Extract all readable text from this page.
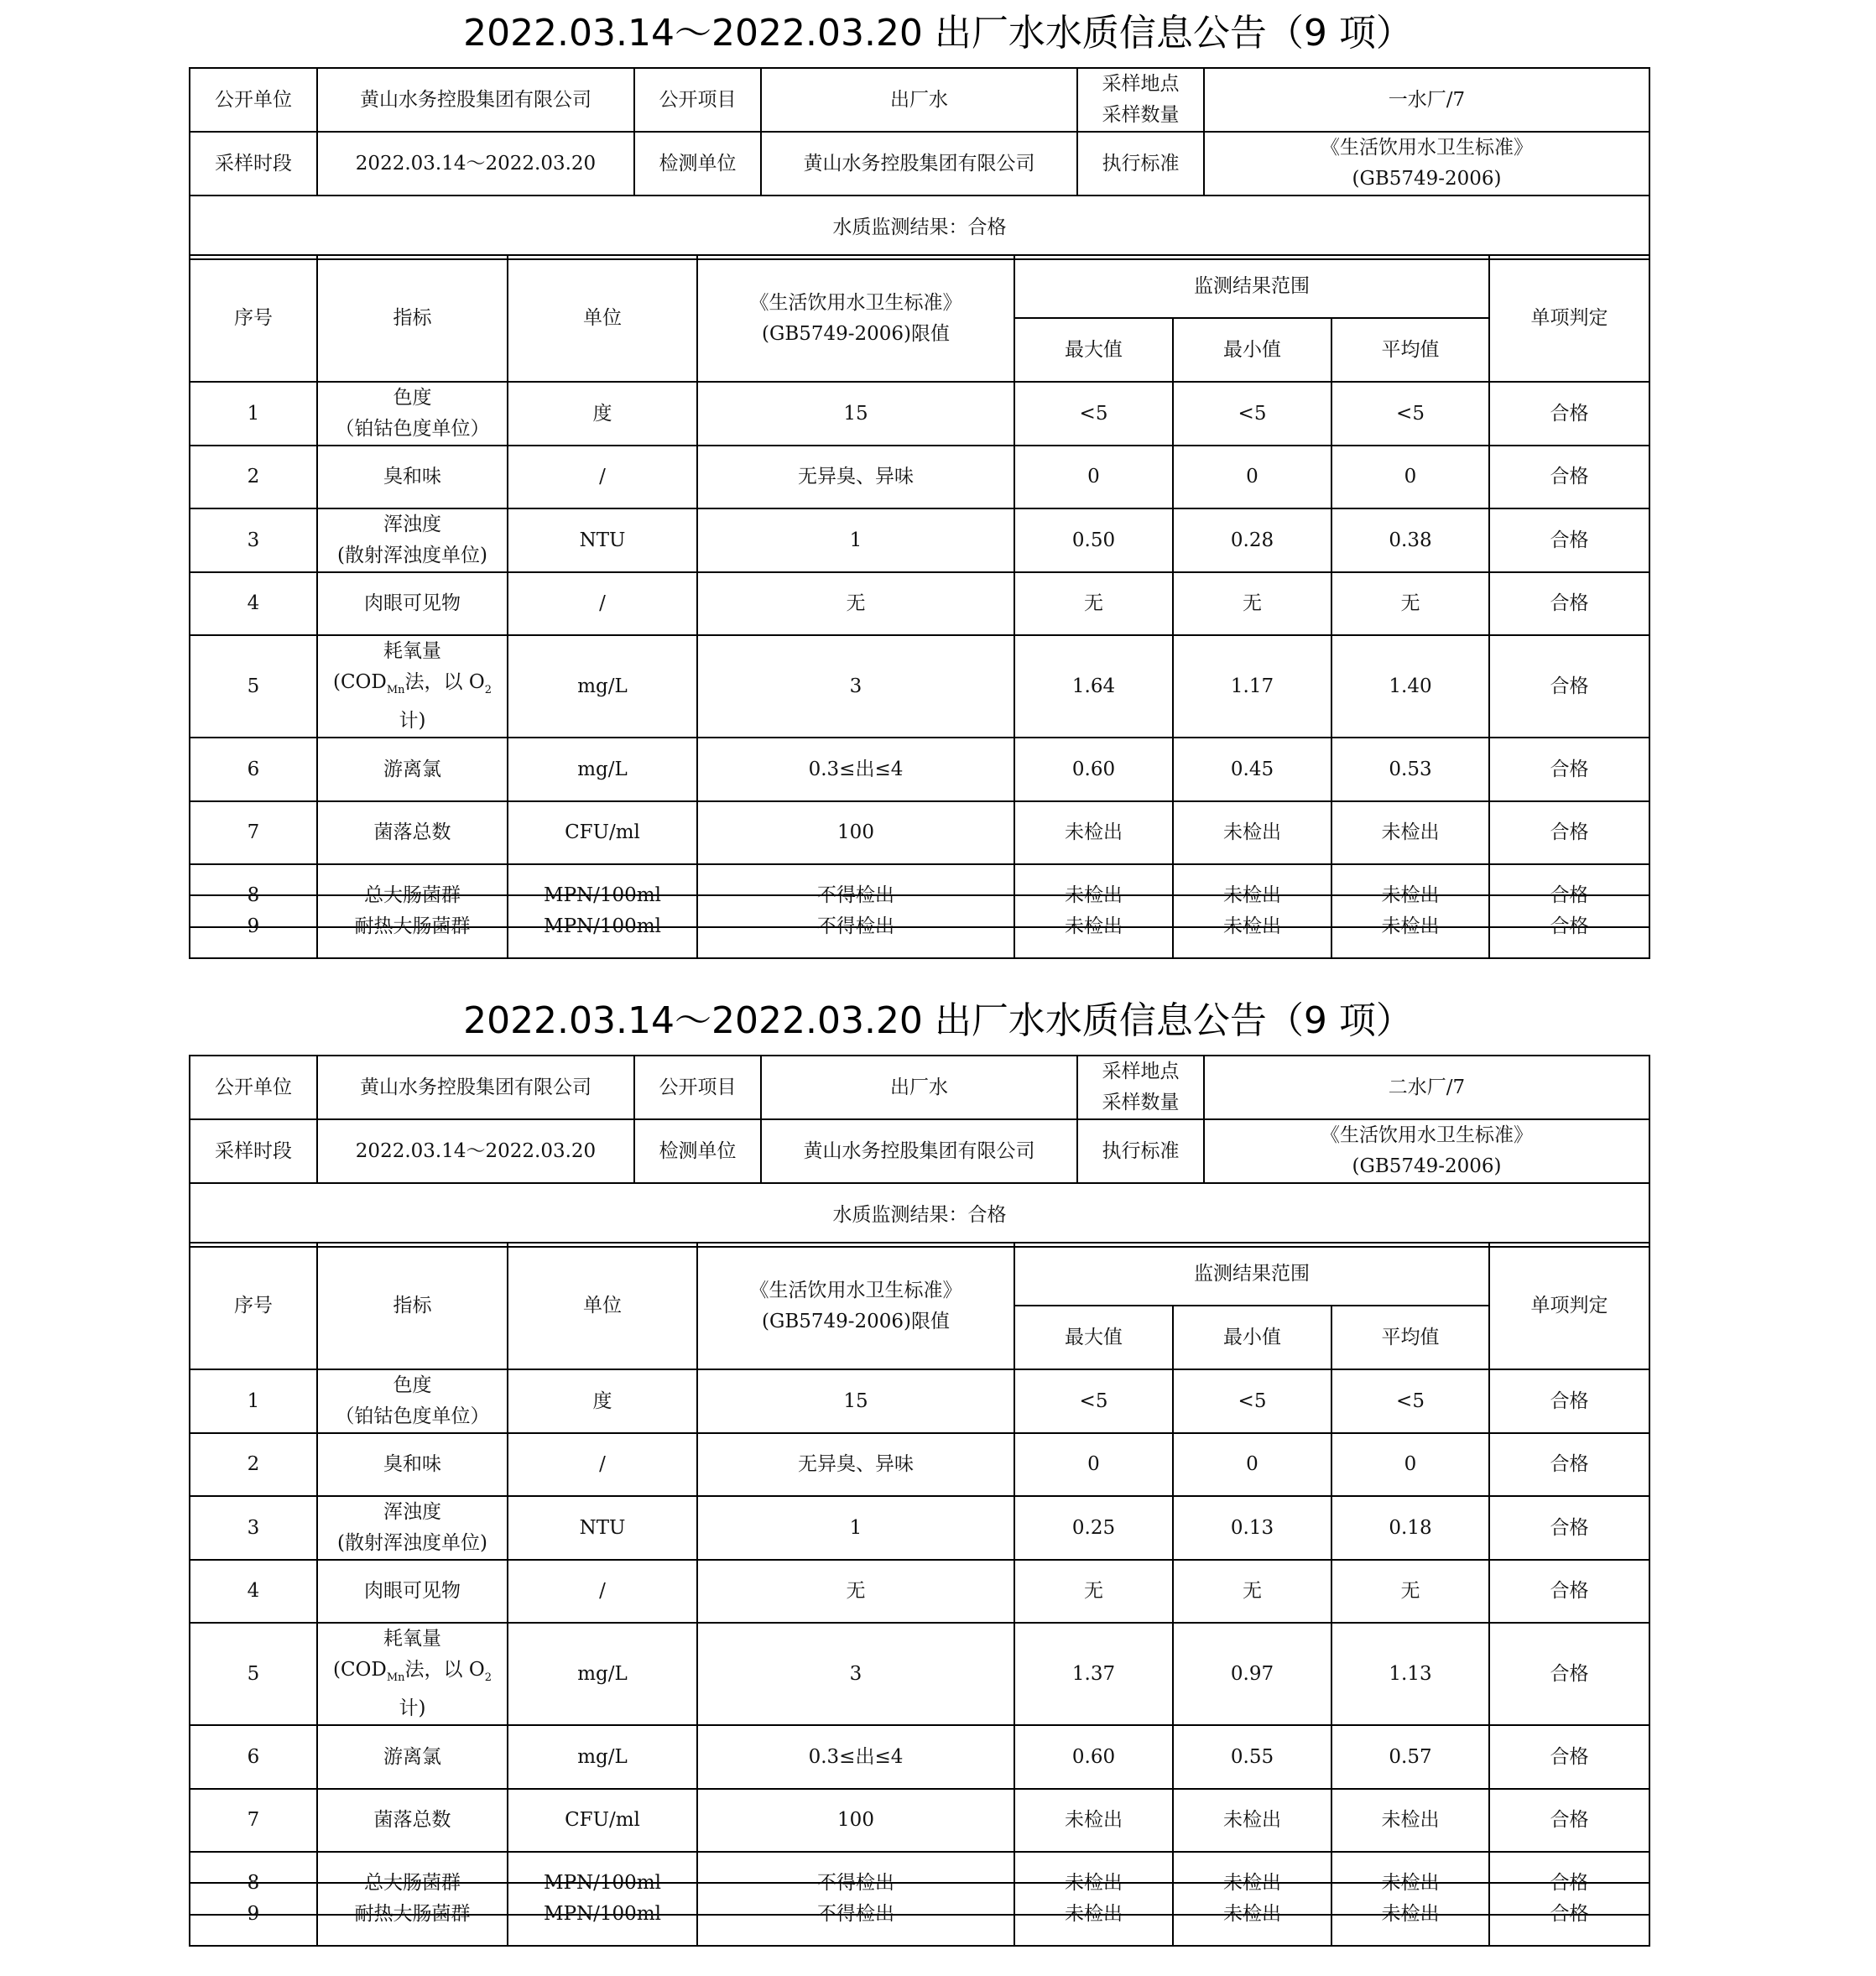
2022.03.14～2022.03.20 出厂水水质信息公告（9 项）
公开单位	黄山水务控股集团有限公司	公开项目	出厂水	采样地点
采样数量	一水厂/7
采样时段	2022.03.14～2022.03.20	检测单位	黄山水务控股集团有限公司	执行标准	《生活饮用水卫生标准》
(GB5749-2006)

水质监测结果：合格					
序号	指标	单位	《生活饮用水卫生标准》
(GB5749-2006)限值	监测结果范围			单项判定
				最大值	最小值	平均值	
1	色度
（铂钴色度单位）	度	15	<5	<5	<5	合格
2	臭和味	/	无异臭、异味	0	0	0	合格
3	浑浊度
(散射浑浊度单位)	NTU	1	0.50	0.28	0.38	合格
4	肉眼可见物	/	无	无	无	无	合格
5	耗氧量
($COD_{Mn}$法，以 $O_2$ 计)	mg/L	3	1.64	1.17	1.40	合格
6	游离氯	mg/L	0.3≤出≤4	0.60	0.45	0.53	合格
7	菌落总数	CFU/ml	100	未检出	未检出	未检出	合格
8	总大肠菌群	MPN/100ml	不得检出	未检出	未检出	未检出	合格
9	耐热大肠菌群	MPN/100ml	不得检出	未检出	未检出	未检出	合格
2022.03.14～2022.03.20 出厂水水质信息公告（9 项）
公开单位	黄山水务控股集团有限公司	公开项目	出厂水	采样地点
采样数量	二水厂/7
采样时段	2022.03.14～2022.03.20	检测单位	黄山水务控股集团有限公司	执行标准	《生活饮用水卫生标准》
(GB5749-2006)

水质监测结果：合格					
序号	指标	单位	《生活饮用水卫生标准》
(GB5749-2006)限值	监测结果范围			单项判定
				最大值	最小值	平均值	
1	色度
（铂钴色度单位）	度	15	<5	<5	<5	合格
2	臭和味	/	无异臭、异味	0	0	0	合格
3	浑浊度
(散射浑浊度单位)	NTU	1	0.25	0.13	0.18	合格
4	肉眼可见物	/	无	无	无	无	合格
5	耗氧量
($COD_{Mn}$法，以 $O_2$ 计)	mg/L	3	1.37	0.97	1.13	合格
6	游离氯	mg/L	0.3≤出≤4	0.60	0.55	0.57	合格
7	菌落总数	CFU/ml	100	未检出	未检出	未检出	合格
8	总大肠菌群	MPN/100ml	不得检出	未检出	未检出	未检出	合格
9	耐热大肠菌群	MPN/100ml	不得检出	未检出	未检出	未检出	合格
